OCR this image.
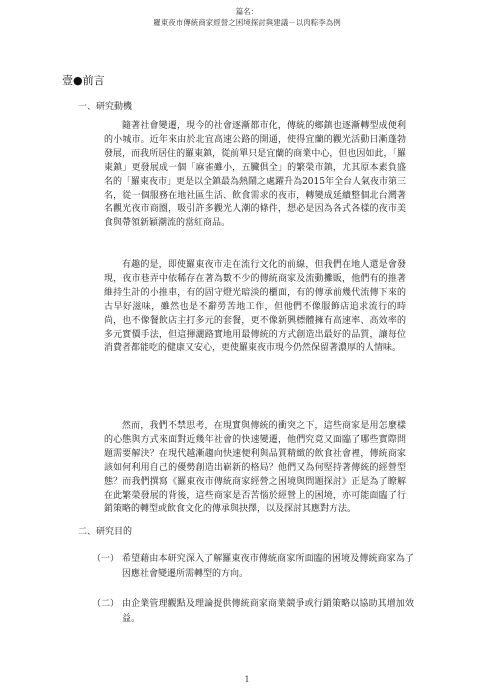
篇名：
羅東夜市傳統商家經營之困境探討與建議－以肉粽李為例
壹●前言
一、研究動機
隨著社會變遷，現今的社會逐漸都市化，傳統的鄉鎮也逐漸轉型成便利的小城市。近年來由於北宜高速公路的開通，使得宜蘭的觀光活動日漸蓬勃發展，而我所居住的羅東鎮，從前單只是宜蘭的商業中心，但也因如此，「羅東鎮」更發展成一個「麻雀雖小，五臟俱全」的繁榮市鎮，尤其原本素負盛名的「羅東夜市」更是以全鎮最為熱鬧之處躍升為2015年全台人氣夜市第三名，從一個服務在地社區生活、飲食需求的夜市，轉變成延續整個北台灣著名觀光夜市商圈，吸引許多觀光人潮的條件，想必是因為各式各樣的夜市美食與帶領新穎潮流的當紅商品。
有趣的是，即使羅東夜市走在流行文化的前線，但我們在地人還是會發現，夜市巷弄中依稀存在著為數不少的傳統商家及流動攤販，他們有的推著維持生計的小推車，有的固守燈光暗淡的櫃面，有的傳承前幾代流傳下來的古早好滋味，雖然也是不辭勞苦地工作，但他們不像服飾店追求流行的時尚，也不像餐飲店主打多元的套餐，更不像新興標體擁有高速率、高效率的多元實價手法，但這揮灑路實地用最傳統的方式創造出最好的品質，讓每位消費者都能吃的健康又安心，更使羅東夜市現今仍然保留著濃厚的人情味。
然而，我們不禁思考，在現實與傳統的衝突之下，這些商家是用怎麼樣的心態與方式來面對近幾年社會的快速變遷，他們究竟又面臨了哪些實際問題需要解決？在現代越漸趨向快速便利與品質精緻的飲食社會裡，傳統商家該如何利用自己的優勢創造出嶄新的格局？他們又為何堅持著傳統的經營型態？而我們撰寫《羅東夜市傳統商家經營之困境與問題探討》正是為了瞭解在此繁榮發展的背後，這些商家是否苦惱於經營上的困境，亦可能面臨了行銷策略的轉型或飲食文化的傳承與抉擇，以及探討其應對方法。
二、研究目的
（一） 希望藉由本研究深入了解羅東夜市傳統商家所面臨的困境及傳統商家為了因應社會變遷所需轉型的方向。
（二） 由企業管理觀點及理論提供傳統商家商業競爭或行銷策略以協助其增加效益。
1
